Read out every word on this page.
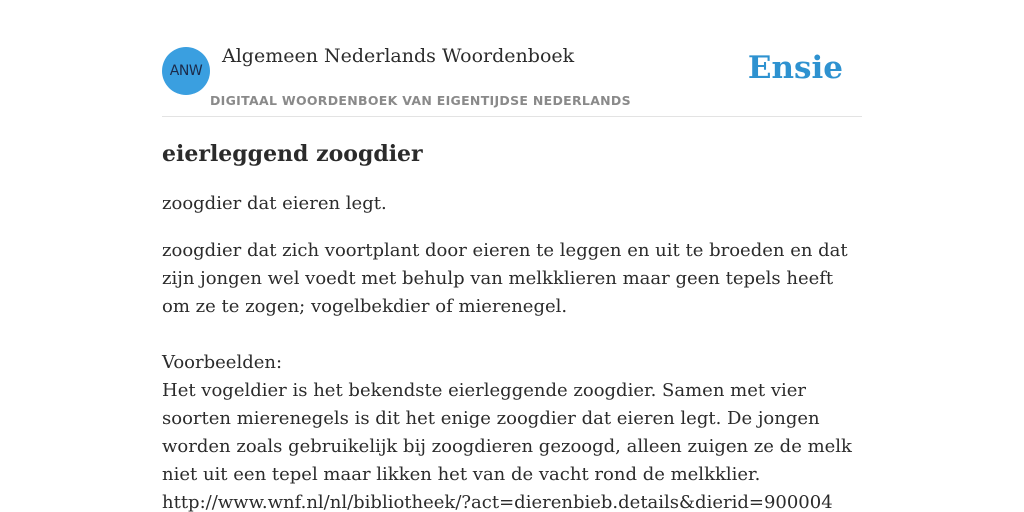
ANW
Algemeen Nederlands Woordenboek
DIGITAAL WOORDENBOEK VAN EIGENTIJDSE NEDERLANDS
Ensie
eierleggend zoogdier
zoogdier dat eieren legt.
zoogdier dat zich voortplant door eieren te leggen en uit te broeden en dat zijn jongen wel voedt met behulp van melkklieren maar geen tepels heeft om ze te zogen; vogelbekdier of mierenegel.
Voorbeelden:
Het vogeldier is het bekendste eierleggende zoogdier. Samen met vier soorten mierenegels is dit het enige zoogdier dat eieren legt. De jongen worden zoals gebruikelijk bij zoogdieren gezoogd, alleen zuigen ze de melk niet uit een tepel maar likken het van de vacht rond de melkklier.
http://www.wnf.nl/nl/bibliotheek/?act=dierenbieb.details&dierid=900004
